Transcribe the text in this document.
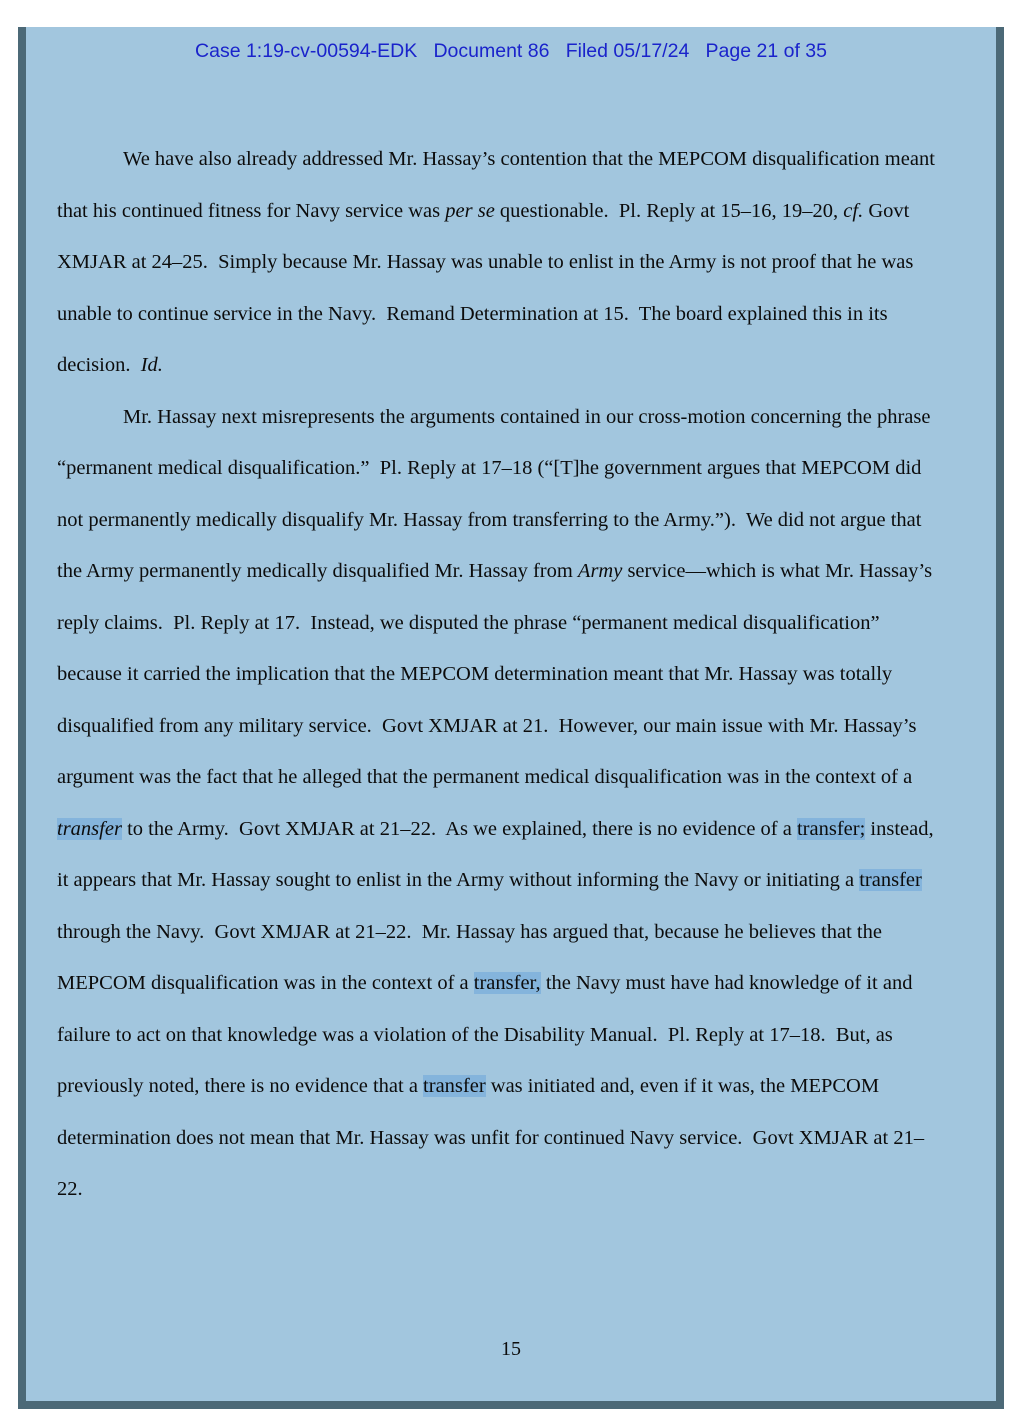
Case 1:19-cv-00594-EDK   Document 86   Filed 05/17/24   Page 21 of 35

We have also already addressed Mr. Hassay’s contention that the MEPCOM disqualification meant that his continued fitness for Navy service was per se questionable.  Pl. Reply at 15–16, 19–20, cf. Govt XMJAR at 24–25.  Simply because Mr. Hassay was unable to enlist in the Army is not proof that he was unable to continue service in the Navy.  Remand Determination at 15.  The board explained this in its decision.  Id.

Mr. Hassay next misrepresents the arguments contained in our cross-motion concerning the phrase “permanent medical disqualification.”  Pl. Reply at 17–18 (“[T]he government argues that MEPCOM did not permanently medically disqualify Mr. Hassay from transferring to the Army.”).  We did not argue that the Army permanently medically disqualified Mr. Hassay from Army service—which is what Mr. Hassay’s reply claims.  Pl. Reply at 17.  Instead, we disputed the phrase “permanent medical disqualification” because it carried the implication that the MEPCOM determination meant that Mr. Hassay was totally disqualified from any military service.  Govt XMJAR at 21.  However, our main issue with Mr. Hassay’s argument was the fact that he alleged that the permanent medical disqualification was in the context of a transfer to the Army.  Govt XMJAR at 21–22.  As we explained, there is no evidence of a transfer; instead, it appears that Mr. Hassay sought to enlist in the Army without informing the Navy or initiating a transfer through the Navy.  Govt XMJAR at 21–22.  Mr. Hassay has argued that, because he believes that the MEPCOM disqualification was in the context of a transfer, the Navy must have had knowledge of it and failure to act on that knowledge was a violation of the Disability Manual.  Pl. Reply at 17–18.  But, as previously noted, there is no evidence that a transfer was initiated and, even if it was, the MEPCOM determination does not mean that Mr. Hassay was unfit for continued Navy service.  Govt XMJAR at 21–22.

15
